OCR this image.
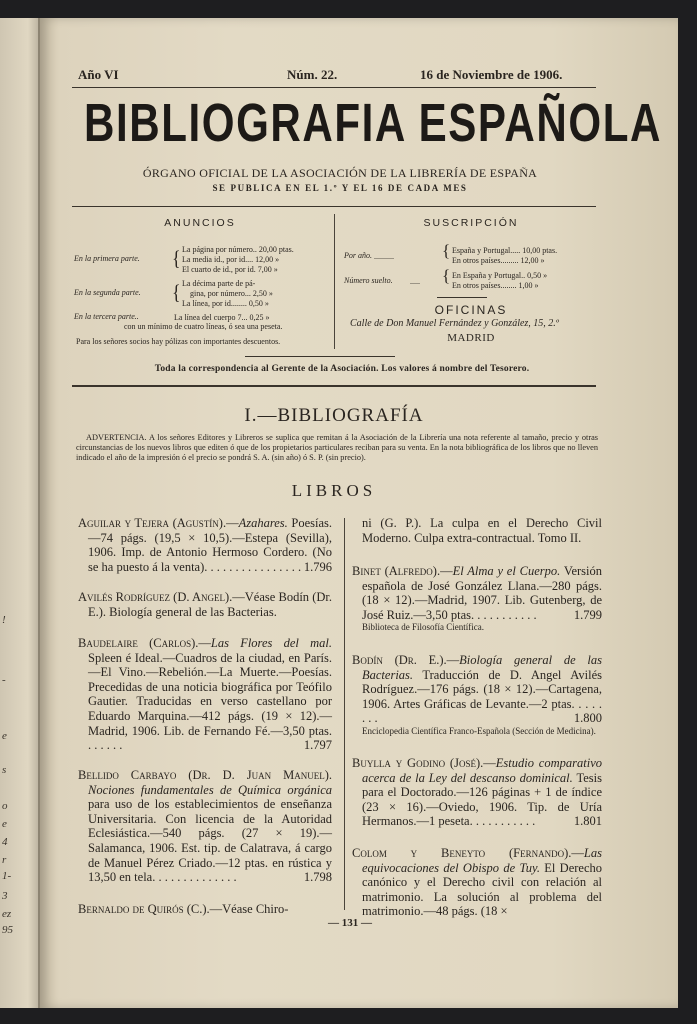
!
-
e
s
o
e
4
r
1-
3
ez
95
Año VI	Núm. 22.	16 de Noviembre de 1906.
BIBLIOGRAFIA ESPAÑOLA
ÓRGANO OFICIAL DE LA ASOCIACIÓN DE LA LIBRERÍA DE ESPAÑA
SE PUBLICA EN EL 1.º Y EL 16 DE CADA MES
ANUNCIOS
En la primera parte. { La página por número.. 20,00 ptas.
La media id., por id.... 12,00 »
El cuarto de id., por id. 7,00 »
En la segunda parte. { La décima parte de pá-
gina, por número... 2,50 »
La línea, por id........ 0,50 »
En la tercera parte..	La línea del cuerpo 7... 0,25 »
con un mínimo de cuatro líneas, ó sea una peseta.
Para los señores socios hay pólizas con importantes descuentos.
SUSCRIPCIÓN
Por año. ..........	{ España y Portugal..... 10,00 ptas.
En otros países......... 12,00 »
Número suelto. ..... { En España y Portugal.. 0,50 »
En otros países........ 1,00 »
OFICINAS
Calle de Don Manuel Fernández y González, 15, 2.º
MADRID
Toda la correspondencia al Gerente de la Asociación. Los valores á nombre del Tesorero.
I.—BIBLIOGRAFÍA
ADVERTENCIA. A los señores Editores y Libreros se suplica que remitan á la Asociación de la Librería una nota referente al tamaño, precio y otras circunstancias de los nuevos libros que editen ó que de los propietarios particulares reciban para su venta. En la nota bibliográfica de los libros que no lleven indicado el año de la impresión ó el precio se pondrá S. A. (sin año) ó S. P. (sin precio).
LIBROS

Aguilar y Tejera (Agustín).—Azahares. Poesías.—74 págs. (19,5 × 10,5).—Estepa (Sevilla), 1906. Imp. de Antonio Hermoso Cordero. (No se ha puesto á la venta). . . . . . . . . . . . . . . . 1.796

Avilés Rodríguez (D. Angel).—Véase Bodín (Dr. E.). Biología general de las Bacterias.

Baudelaire (Carlos).—Las Flores del mal. Spleen é Ideal.—Cuadros de la ciudad, en París.—El Vino.—Rebelión.—La Muerte.—Poesías. Precedidas de una noticia biográfica por Teófilo Gautier. Traducidas en verso castellano por Eduardo Marquina.—412 págs. (19 × 12).—Madrid, 1906. Lib. de Fernando Fé.—3,50 ptas. . . . . . .	1.797

Bellido Carbayo (Dr. D. Juan Manuel). Nociones fundamentales de Química orgánica para uso de los establecimientos de enseñanza Universitaria. Con licencia de la Autoridad Eclesiástica.—540 págs. (27 × 19).—Salamanca, 1906. Est. tip. de Calatrava, á cargo de Manuel Pérez Criado.—12 ptas. en rústica y 13,50 en tela. . . . . . . . . . . . . .	1.798

Bernaldo de Quirós (C.).—Véase Chiro-

ni (G. P.). La culpa en el Derecho Civil Moderno. Culpa extra-contractual. Tomo II.

Binet (Alfredo).—El Alma y el Cuerpo. Versión española de José González Llana.—280 págs. (18 × 12).—Madrid, 1907. Lib. Gutenberg, de José Ruiz.—3,50 ptas. . . . . . . . . . .	1.799

Biblioteca de Filosofía Científica.

Bodín (Dr. E.).—Biología general de las Bacterias. Traducción de D. Angel Avilés Rodríguez.—176 págs. (18 × 12).—Cartagena, 1906. Artes Gráficas de Levante.—2 ptas. . . . . . . .	1.800

Enciclopedia Científica Franco-Española (Sección de Medicina).

Buylla y Godino (José).—Estudio comparativo acerca de la Ley del descanso dominical. Tesis para el Doctorado.—126 páginas + 1 de índice (23 × 16).—Oviedo, 1906. Tip. de Uría Hermanos.—1 peseta. . . . . . . . . . .	1.801

Colom y Beneyto (Fernando).—Las equivocaciones del Obispo de Tuy. El Derecho canónico y el Derecho civil con relación al matrimonio. La solución al problema del matrimonio.—48 págs. (18 ×

— 131 —
